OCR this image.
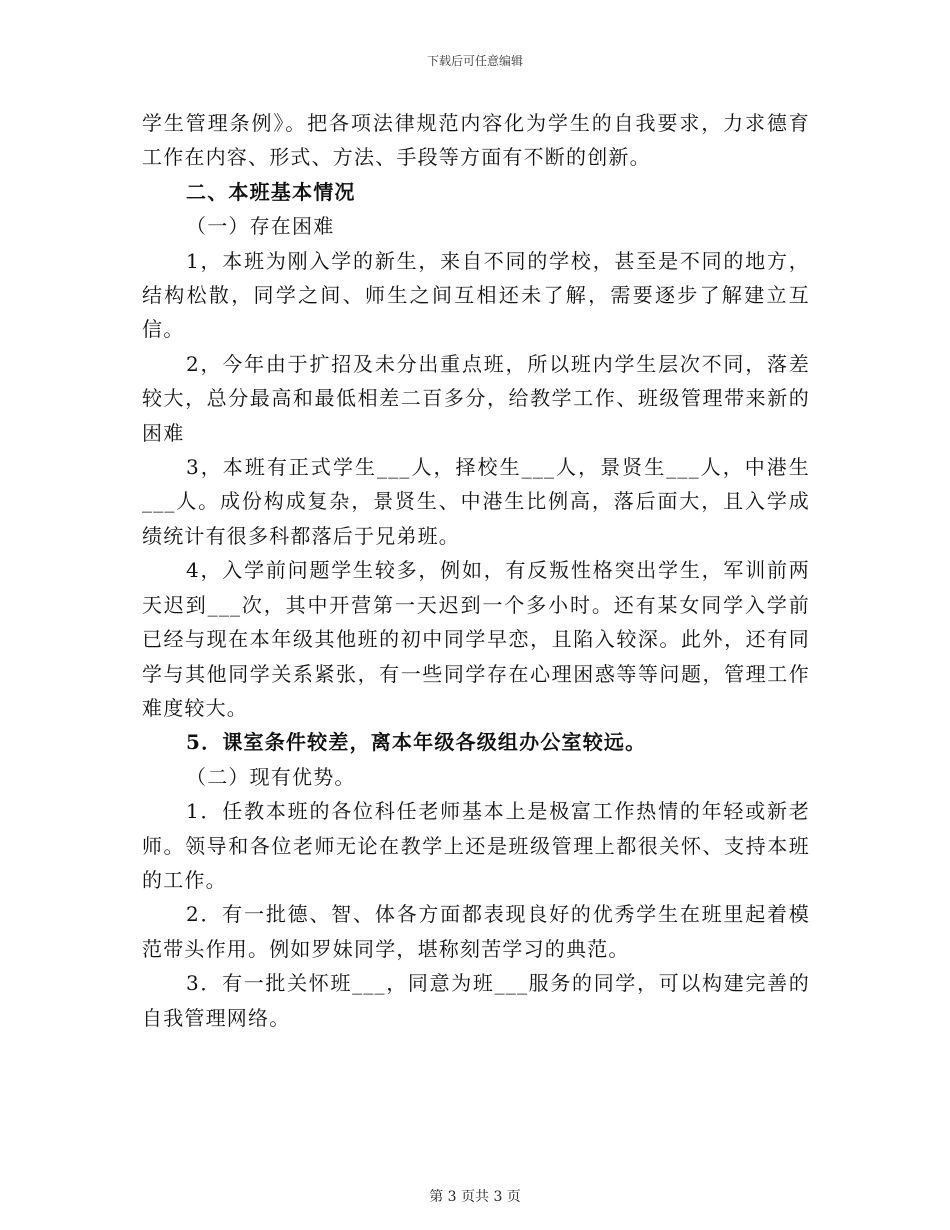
下载后可任意编辑

学生管理条例》。把各项法律规范内容化为学生的自我要求，力求德育工作在内容、形式、方法、手段等方面有不断的创新。

二、本班基本情况

（一）存在困难

1，本班为刚入学的新生，来自不同的学校，甚至是不同的地方，结构松散，同学之间、师生之间互相还未了解，需要逐步了解建立互信。

2，今年由于扩招及未分出重点班，所以班内学生层次不同，落差较大，总分最高和最低相差二百多分，给教学工作、班级管理带来新的困难

3，本班有正式学生___人，择校生___人，景贤生___人，中港生___人。成份构成复杂，景贤生、中港生比例高，落后面大，且入学成绩统计有很多科都落后于兄弟班。

4，入学前问题学生较多，例如，有反叛性格突出学生，军训前两天迟到___次，其中开营第一天迟到一个多小时。还有某女同学入学前已经与现在本年级其他班的初中同学早恋，且陷入较深。此外，还有同学与其他同学关系紧张，有一些同学存在心理困惑等等问题，管理工作难度较大。

5．课室条件较差，离本年级各级组办公室较远。

（二）现有优势。

1．任教本班的各位科任老师基本上是极富工作热情的年轻或新老师。领导和各位老师无论在教学上还是班级管理上都很关怀、支持本班的工作。

2．有一批德、智、体各方面都表现良好的优秀学生在班里起着模范带头作用。例如罗妹同学，堪称刻苦学习的典范。

3．有一批关怀班___，同意为班___服务的同学，可以构建完善的自我管理网络。

第 3 页共 3 页
